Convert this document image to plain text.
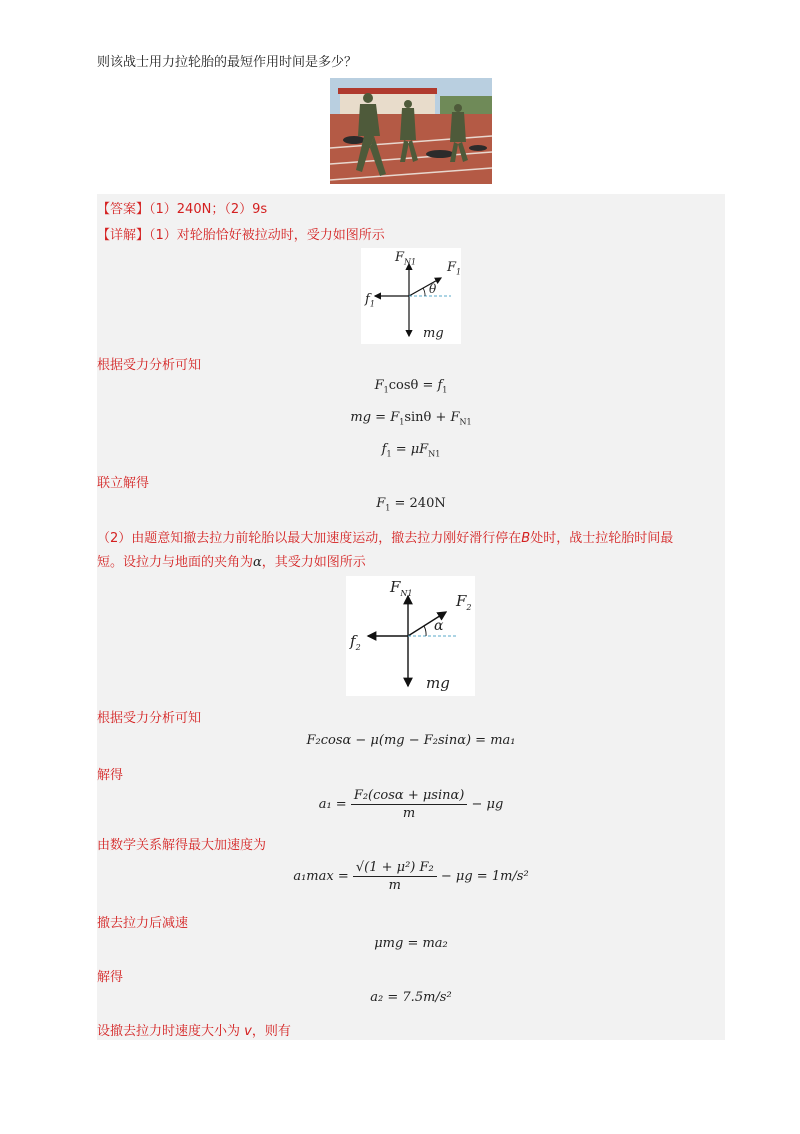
则该战士用力拉轮胎的最短作用时间是多少？
【答案】（1）240N；（2）9s
【详解】（1）对轮胎恰好被拉动时，受力如图所示
$F_{N1}$ $F_1$
θ
$f_1$
mg
根据受力分析可知
$F_1\cos\theta = f_1$
mg = $F_1\sin\theta + F_{N1}$
$f_1 = \mu F_{N1}$
联立解得
$F_1 = 240N$
（2）由题意知撤去拉力前轮胎以最大加速度运动，撤去拉力刚好滑行停在B处时，战士拉轮胎时间最
短。设拉力与地面的夹角为α，其受力如图所示
$F_{N1}$	$F_2$
α
$f_2$
mg
根据受力分析可知
F₂cosα − μ(mg − F₂sinα) = ma₁
解得
$a_1 = \frac{\text{F₂(cosα + μsinα)}}{m} - \mu g$
由数学关系解得最大加速度为
$a_1\max = \frac{\text{√(1 + μ²) F₂}}{m} - \mu g = 1m/s^2$
撤去拉力后减速
μmg = ma₂
解得
a₂ = 7.5m/s²
设撤去拉力时速度大小为 v，则有
